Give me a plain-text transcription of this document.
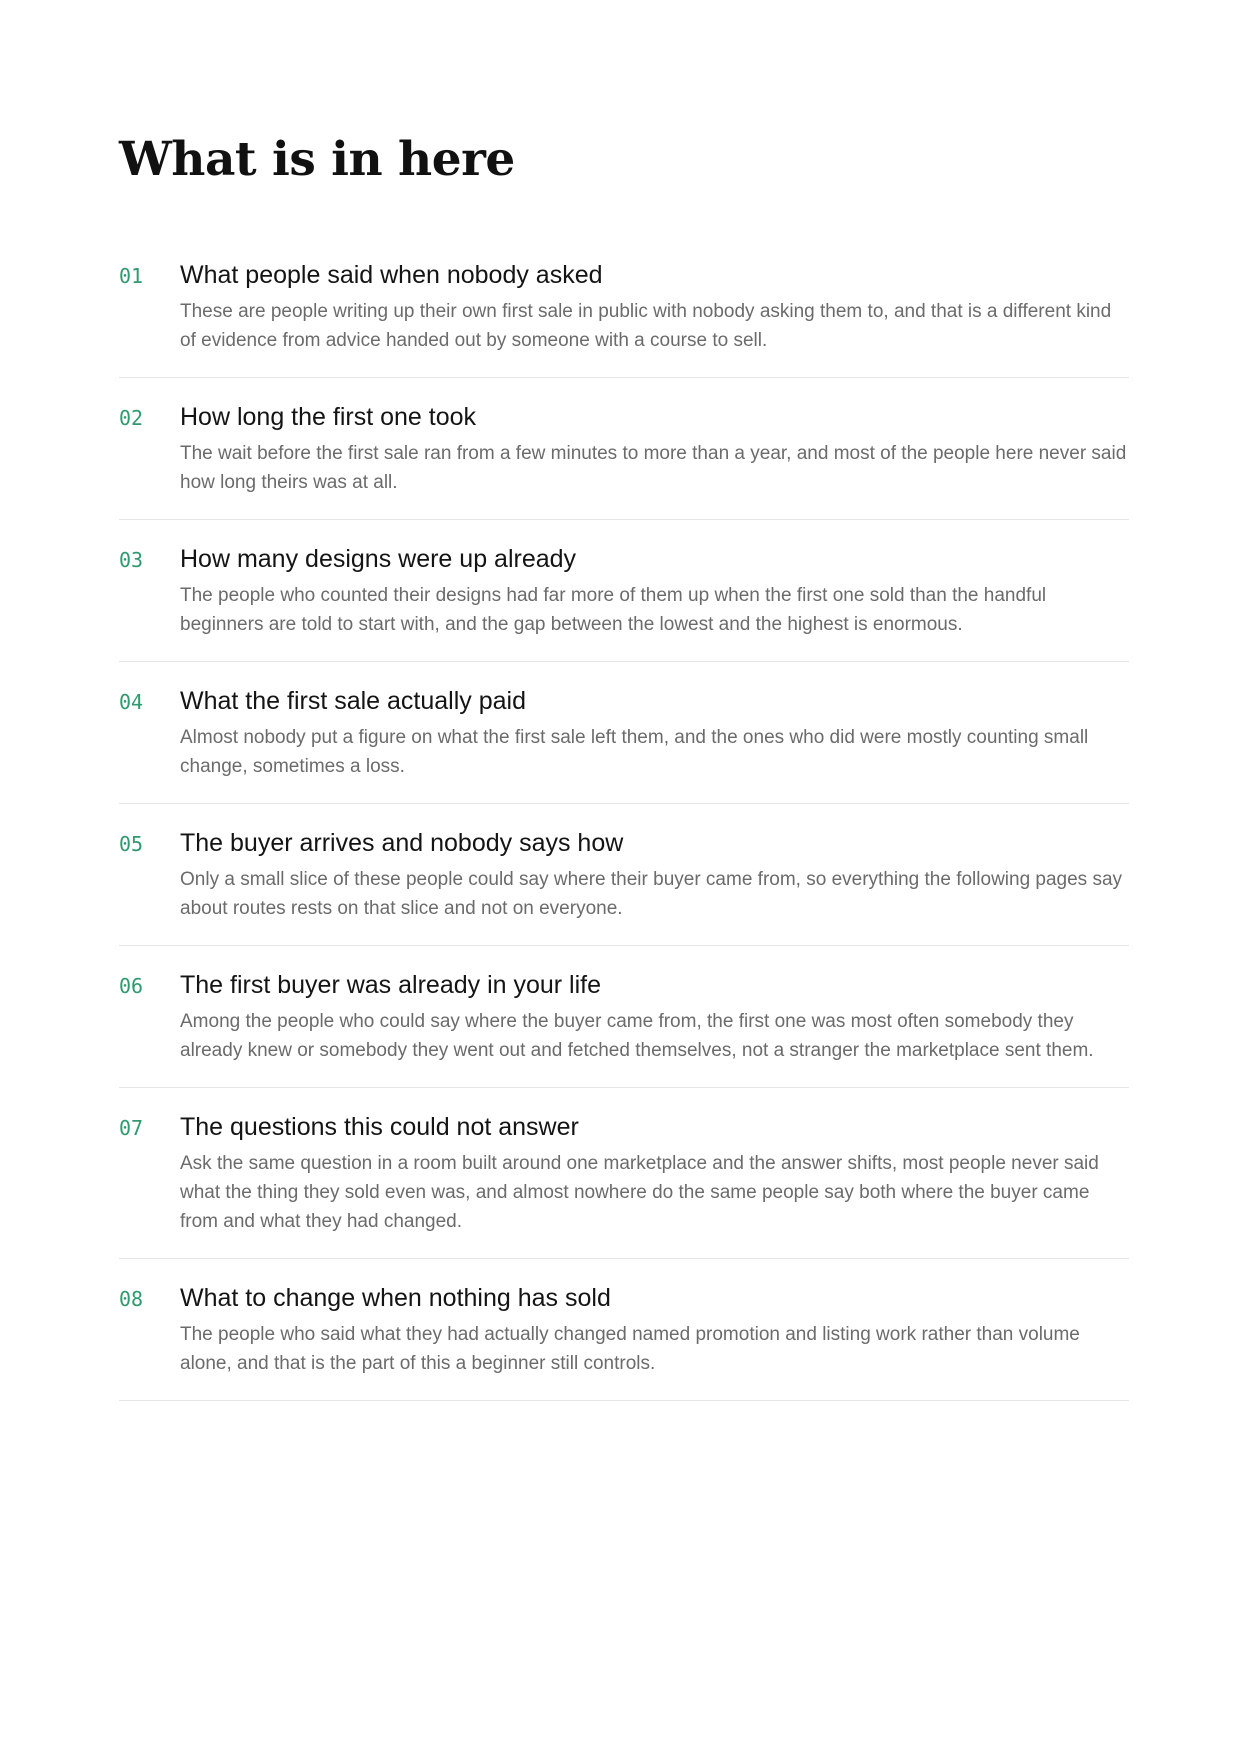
What is in here
01 What people said when nobody asked

These are people writing up their own first sale in public with nobody asking them to, and that is a different kind of evidence from advice handed out by someone with a course to sell.

02 How long the first one took

The wait before the first sale ran from a few minutes to more than a year, and most of the people here never said how long theirs was at all.

03 How many designs were up already

The people who counted their designs had far more of them up when the first one sold than the handful beginners are told to start with, and the gap between the lowest and the highest is enormous.

04 What the first sale actually paid

Almost nobody put a figure on what the first sale left them, and the ones who did were mostly counting small change, sometimes a loss.

05 The buyer arrives and nobody says how

Only a small slice of these people could say where their buyer came from, so everything the following pages say about routes rests on that slice and not on everyone.

06 The first buyer was already in your life

Among the people who could say where the buyer came from, the first one was most often somebody they already knew or somebody they went out and fetched themselves, not a stranger the marketplace sent them.

07 The questions this could not answer

Ask the same question in a room built around one marketplace and the answer shifts, most people never said what the thing they sold even was, and almost nowhere do the same people say both where the buyer came from and what they had changed.

08 What to change when nothing has sold

The people who said what they had actually changed named promotion and listing work rather than volume alone, and that is the part of this a beginner still controls.
